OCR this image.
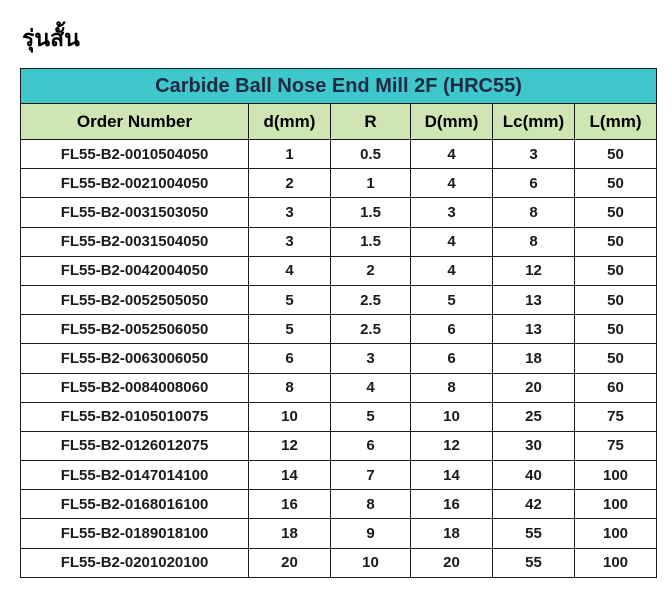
รุ่นสั้น
Carbide Ball Nose End Mill 2F (HRC55)					
Order Number	d(mm)	R	D(mm)	Lc(mm)	L(mm)
FL55-B2-0010504050	1	0.5	4	3	50
FL55-B2-0021004050	2	1	4	6	50
FL55-B2-0031503050	3	1.5	3	8	50
FL55-B2-0031504050	3	1.5	4	8	50
FL55-B2-0042004050	4	2	4	12	50
FL55-B2-0052505050	5	2.5	5	13	50
FL55-B2-0052506050	5	2.5	6	13	50
FL55-B2-0063006050	6	3	6	18	50
FL55-B2-0084008060	8	4	8	20	60
FL55-B2-0105010075	10	5	10	25	75
FL55-B2-0126012075	12	6	12	30	75
FL55-B2-0147014100	14	7	14	40	100
FL55-B2-0168016100	16	8	16	42	100
FL55-B2-0189018100	18	9	18	55	100
FL55-B2-0201020100	20	10	20	55	100
